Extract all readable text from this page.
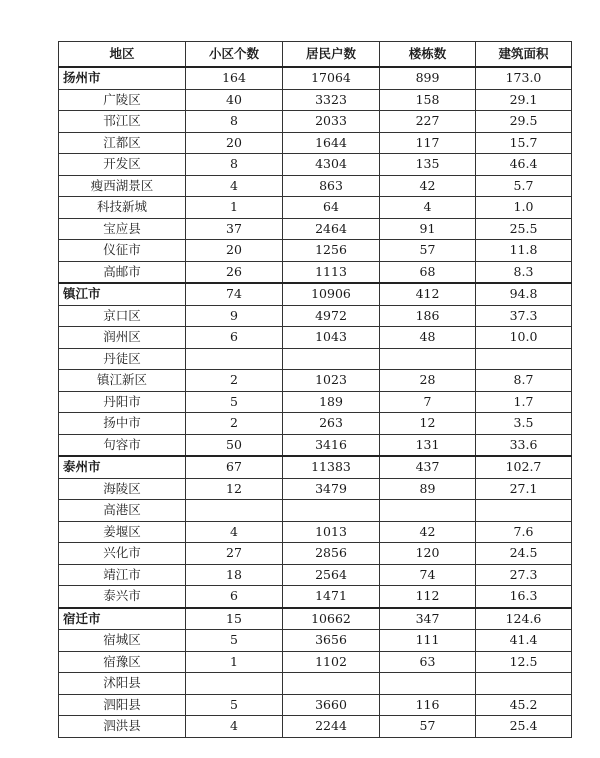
地区	小区个数	居民户数	楼栋数	建筑面积
扬州市	164	17064	899	173.0
广陵区	40	3323	158	29.1
邗江区	8	2033	227	29.5
江都区	20	1644	117	15.7
开发区	8	4304	135	46.4
瘦西湖景区	4	863	42	5.7
科技新城	1	64	4	1.0
宝应县	37	2464	91	25.5
仪征市	20	1256	57	11.8
高邮市	26	1113	68	8.3
镇江市	74	10906	412	94.8
京口区	9	4972	186	37.3
润州区	6	1043	48	10.0
丹徒区				
镇江新区	2	1023	28	8.7
丹阳市	5	189	7	1.7
扬中市	2	263	12	3.5
句容市	50	3416	131	33.6
泰州市	67	11383	437	102.7
海陵区	12	3479	89	27.1
高港区				
姜堰区	4	1013	42	7.6
兴化市	27	2856	120	24.5
靖江市	18	2564	74	27.3
泰兴市	6	1471	112	16.3
宿迁市	15	10662	347	124.6
宿城区	5	3656	111	41.4
宿豫区	1	1102	63	12.5
沭阳县				
泗阳县	5	3660	116	45.2
泗洪县	4	2244	57	25.4
